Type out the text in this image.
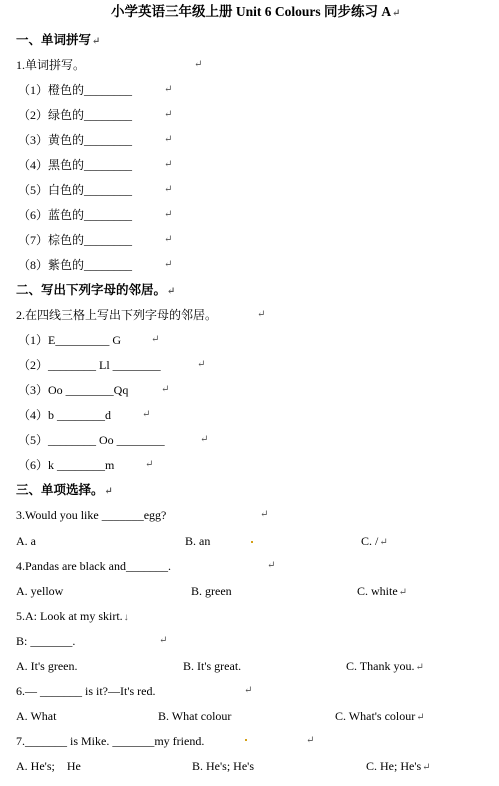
小学英语三年级上册 Unit 6 Colours 同步练习 A↵
一、单词拼写↵
1.单词拼写。	↵
（1）橙色的________	↵
（2）绿色的________	↵
（3）黄色的________	↵
（4）黑色的________	↵
（5）白色的________	↵
（6）蓝色的________	↵
（7）棕色的________	↵
（8）紫色的________	↵
二、写出下列字母的邻居。↵
2.在四线三格上写出下列字母的邻居。	↵
（1）E_________ G	↵
（2）________ Ll ________	↵
（3）Oo ________Qq	↵
（4）b ________d	↵
（5）________ Oo ________	↵
（6）k ________m	↵
三、单项选择。↵
3.Would you like _______egg?	↵
A. a	B. an	C. /↵
4.Pandas are black and_______.	↵
A. yellow	B. green	C. white↵
5.A: Look at my skirt.↓
B: _______.	↵
A. It's green.	B. It's great.	C. Thank you.↵
6.— _______ is it?—It's red.	↵
A. What	B. What colour	C. What's colour↵
7._______ is Mike. _______my friend.	↵
A. He's;    He	B. He's; He's	C. He; He's↵
